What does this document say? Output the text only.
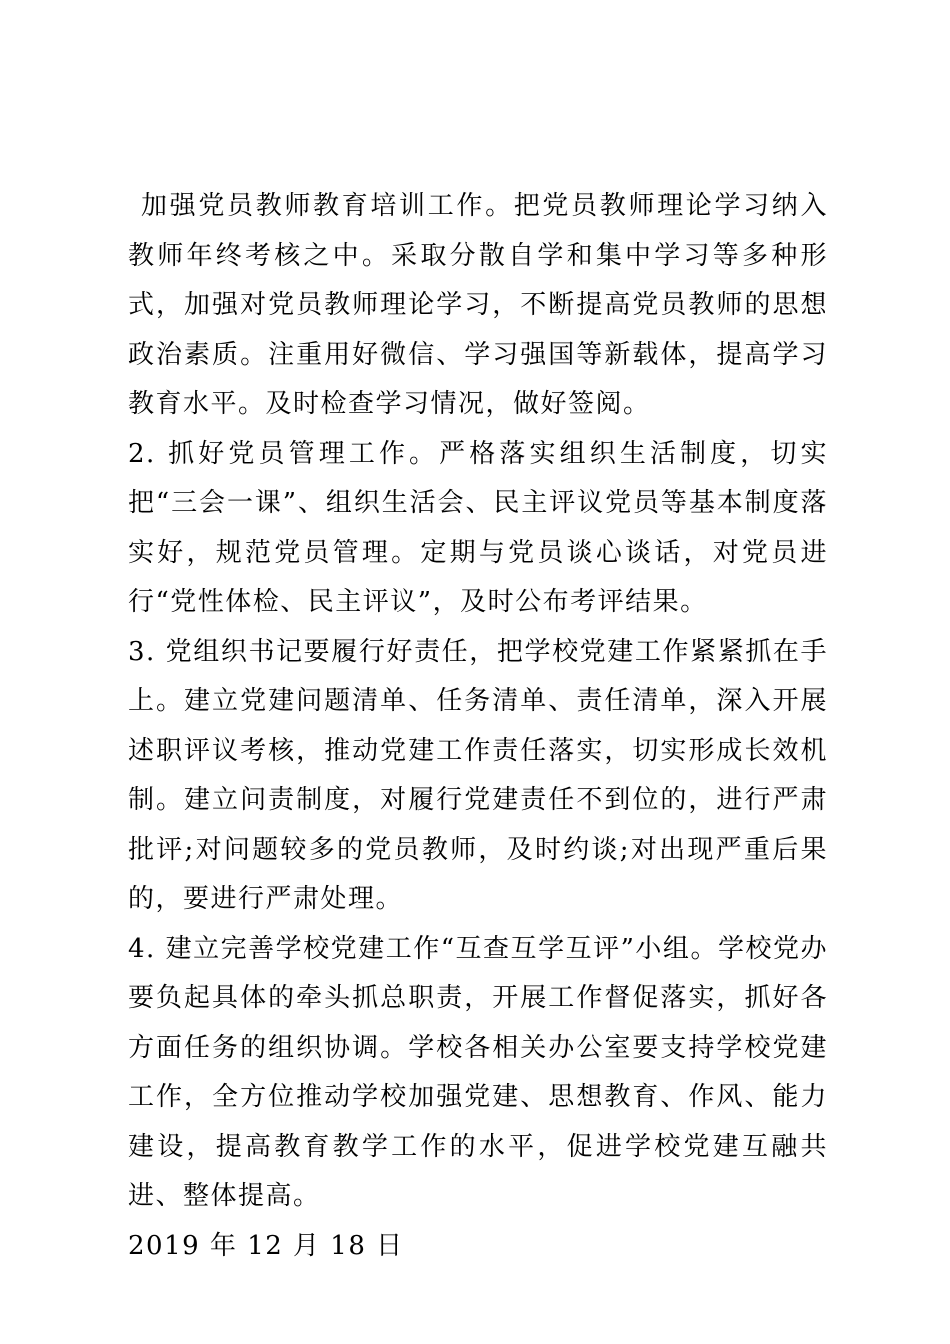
加强党员教师教育培训工作。把党员教师理论学习纳入教师年终考核之中。采取分散自学和集中学习等多种形式，加强对党员教师理论学习，不断提高党员教师的思想政治素质。注重用好微信、学习强国等新载体，提高学习教育水平。及时检查学习情况，做好签阅。

2. 抓好党员管理工作。严格落实组织生活制度，切实把“三会一课”、组织生活会、民主评议党员等基本制度落实好，规范党员管理。定期与党员谈心谈话，对党员进行“党性体检、民主评议”，及时公布考评结果。

3. 党组织书记要履行好责任，把学校党建工作紧紧抓在手上。建立党建问题清单、任务清单、责任清单，深入开展述职评议考核，推动党建工作责任落实，切实形成长效机制。建立问责制度，对履行党建责任不到位的，进行严肃批评;对问题较多的党员教师，及时约谈;对出现严重后果的，要进行严肃处理。

4. 建立完善学校党建工作“互查互学互评”小组。学校党办要负起具体的牵头抓总职责，开展工作督促落实，抓好各方面任务的组织协调。学校各相关办公室要支持学校党建工作，全方位推动学校加强党建、思想教育、作风、能力建设，提高教育教学工作的水平，促进学校党建互融共进、整体提高。

2019 年 12 月 18 日
